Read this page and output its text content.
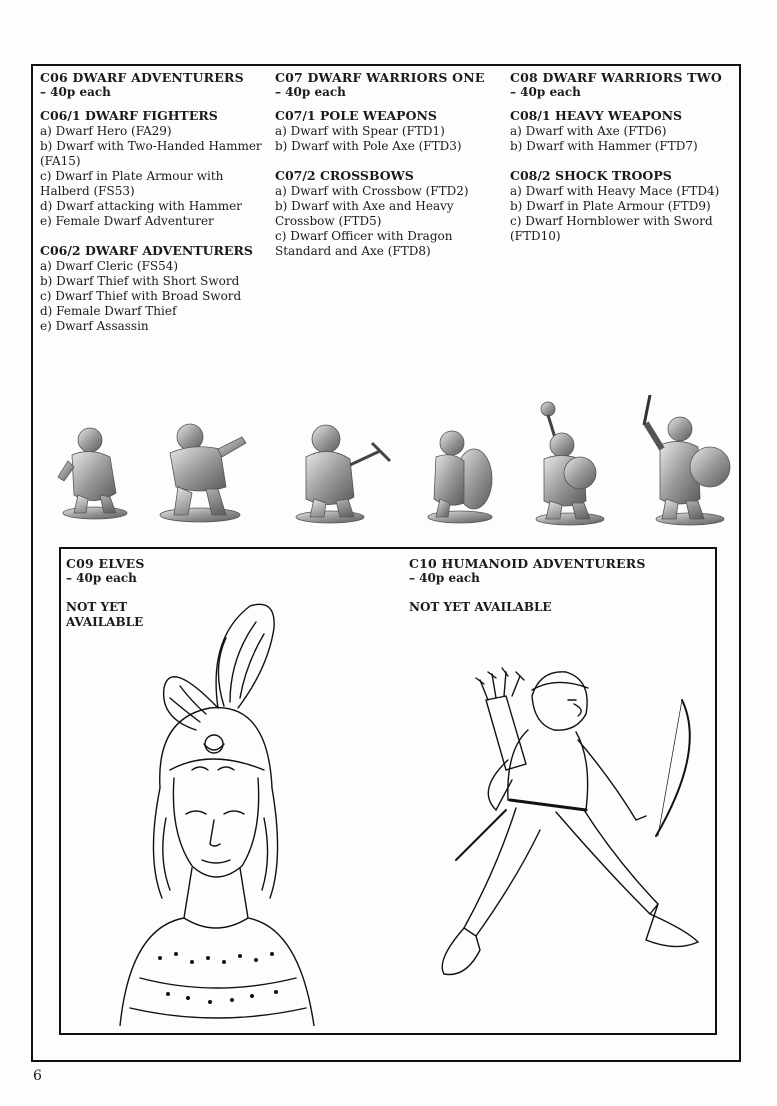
C06 DWARF ADVENTURERS

– 40p each

C06/1 DWARF FIGHTERS

a) Dwarf Hero (FA29)

b) Dwarf with Two-Handed Hammer (FA15)

c) Dwarf in Plate Armour with Halberd (FS53)

d) Dwarf attacking with Hammer

e) Female Dwarf Adventurer

C06/2 DWARF ADVENTURERS

a) Dwarf Cleric (FS54)

b) Dwarf Thief with Short Sword

c) Dwarf Thief with Broad Sword

d) Female Dwarf Thief

e) Dwarf Assassin

C07 DWARF WARRIORS ONE

– 40p each

C07/1 POLE WEAPONS

a) Dwarf with Spear (FTD1)

b) Dwarf with Pole Axe (FTD3)

C07/2 CROSSBOWS

a) Dwarf with Crossbow (FTD2)

b) Dwarf with Axe and Heavy Crossbow (FTD5)

c) Dwarf Officer with Dragon Standard and Axe (FTD8)

C08 DWARF WARRIORS TWO

– 40p each

C08/1 HEAVY WEAPONS

a) Dwarf with Axe (FTD6)

b) Dwarf with Hammer (FTD7)

C08/2 SHOCK TROOPS

a) Dwarf with Heavy Mace (FTD4)

b) Dwarf in Plate Armour (FTD9)

c) Dwarf Hornblower with Sword (FTD10)

C09 ELVES

– 40p each

NOT YET AVAILABLE

C10 HUMANOID ADVENTURERS

– 40p each

NOT YET AVAILABLE

6
